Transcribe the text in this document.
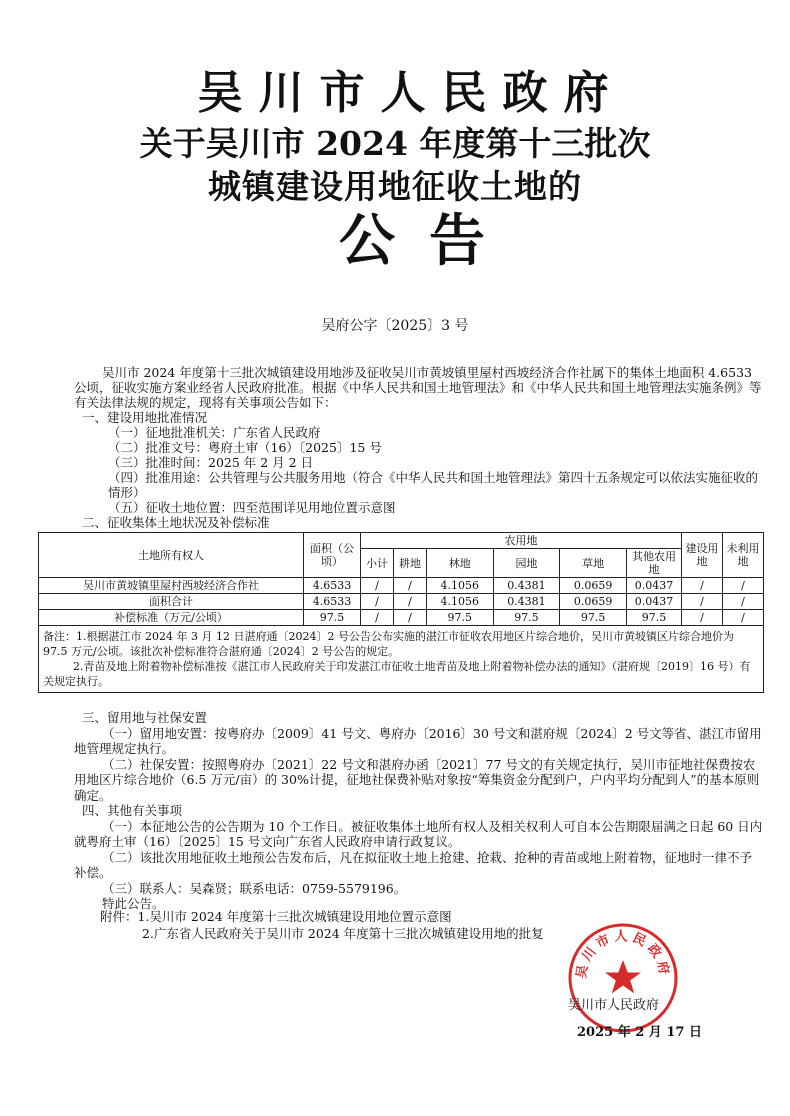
吴川市人民政府
关于吴川市 2024 年度第十三批次
城镇建设用地征收土地的
公告
吴府公字〔2025〕3 号

吴川市 2024 年度第十三批次城镇建设用地涉及征收吴川市黄坡镇里屋村西坡经济合作社属下的集体土地面积 4.6533 公顷，征收实施方案业经省人民政府批准。根据《中华人民共和国土地管理法》和《中华人民共和国土地管理法实施条例》等有关法律法规的规定，现将有关事项公告如下：

一、建设用地批准情况

（一）征地批准机关：广东省人民政府

（二）批准文号：粤府土审（16）〔2025〕15 号

（三）批准时间：2025 年 2 月 2 日

（四）批准用途：公共管理与公共服务用地（符合《中华人民共和国土地管理法》第四十五条规定可以依法实施征收的情形）

（五）征收土地位置：四至范围详见用地位置示意图

二、征收集体土地状况及补偿标准

土地所有权人	面积（公顷）	农用地						建设用地	未利用地
		小计	耕地	林地	园地	草地	其他农用地		
吴川市黄坡镇里屋村西坡经济合作社	4.6533	/	/	4.1056	0.4381	0.0659	0.0437	/	/
面积合计	4.6533	/	/	4.1056	0.4381	0.0659	0.0437	/	/
补偿标准（万元/公顷）	97.5	/	/	97.5	97.5	97.5	97.5	/	/

备注：1.根据湛江市 2024 年 3 月 12 日湛府通〔2024〕2 号公告公布实施的湛江市征收农用地区片综合地价，吴川市黄坡镇区片综合地价为 97.5 万元/公顷。该批次补偿标准符合湛府通〔2024〕2 号公告的规定。

2.青苗及地上附着物补偿标准按《湛江市人民政府关于印发湛江市征收土地青苗及地上附着物补偿办法的通知》（湛府规〔2019〕16 号）有关规定执行。									

三、留用地与社保安置

（一）留用地安置：按粤府办〔2009〕41 号文、粤府办〔2016〕30 号文和湛府规〔2024〕2 号文等省、湛江市留用地管理规定执行。

（二）社保安置：按照粤府办〔2021〕22 号文和湛府办函〔2021〕77 号文的有关规定执行，吴川市征地社保费按农用地区片综合地价（6.5 万元/亩）的 30%计提，征地社保费补贴对象按“筹集资金分配到户，户内平均分配到人”的基本原则确定。

四、其他有关事项

（一）本征地公告的公告期为 10 个工作日。被征收集体土地所有权人及相关权利人可自本公告期限届满之日起 60 日内就粤府土审（16）〔2025〕15 号文向广东省人民政府申请行政复议。

（二）该批次用地征收土地预公告发布后，凡在拟征收土地上抢建、抢栽、抢种的青苗或地上附着物，征地时一律不予补偿。

（三）联系人：吴森贤；联系电话：0759-5579196。

特此公告。

附件：1.吴川市 2024 年度第十三批次城镇建设用地位置示意图

2.广东省人民政府关于吴川市 2024 年度第十三批次城镇建设用地的批复

吴川市人民政府
吴川市人民政府
2025 年 2 月 17 日
